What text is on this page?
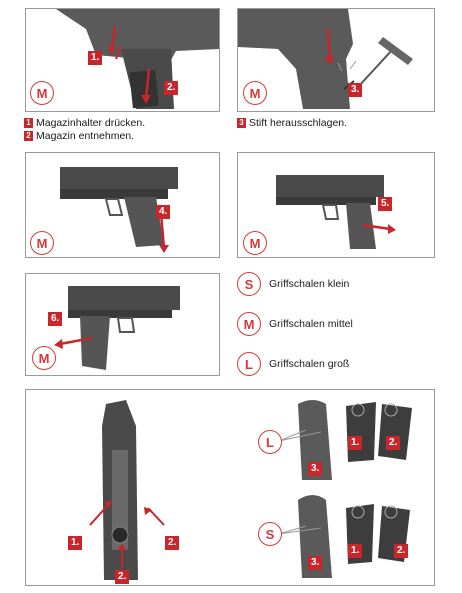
1.
2.
M	3.
M
1 Magazinhalter drücken.
2 Magazin entnehmen.
3 Stift herausschlagen.
4.
M
5.
M
6.
M
S	Griffschalen klein
M	Griffschalen mittel
L	Griffschalen groß
1.	2.
2.
L
S
3.
1.	2.
3.
1.	2.
